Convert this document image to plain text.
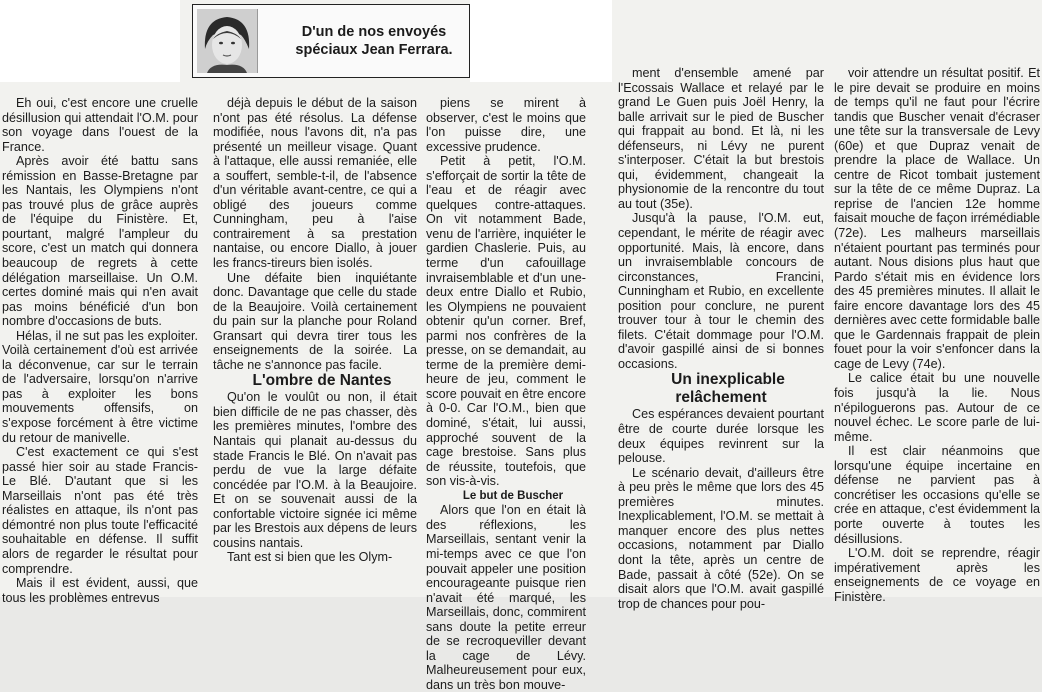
D'un de nos envoyés spéciaux Jean Ferrara.

Eh oui, c'est encore une cruelle désillusion qui attendait l'O.M. pour son voyage dans l'ouest de la France.

Après avoir été battu sans rémission en Basse-Bretagne par les Nantais, les Olympiens n'ont pas trouvé plus de grâce auprès de l'équipe du Finistère. Et, pourtant, malgré l'ampleur du score, c'est un match qui donnera beaucoup de regrets à cette délégation marseillaise. Un O.M. certes dominé mais qui n'en avait pas moins bénéficié d'un bon nombre d'occasions de buts.

Hélas, il ne sut pas les exploiter. Voilà certainement d'où est arrivée la déconvenue, car sur le terrain de l'adversaire, lorsqu'on n'arrive pas à exploiter les bons mouvements offensifs, on s'expose forcément à être victime du retour de manivelle.

C'est exactement ce qui s'est passé hier soir au stade Francis-Le Blé. D'autant que si les Marseillais n'ont pas été très réalistes en attaque, ils n'ont pas démontré non plus toute l'efficacité souhaitable en défense. Il suffit alors de regarder le résultat pour comprendre.

Mais il est évident, aussi, que tous les problèmes entrevus

déjà depuis le début de la saison n'ont pas été résolus. La défense modifiée, nous l'avons dit, n'a pas présenté un meilleur visage. Quant à l'attaque, elle aussi remaniée, elle a souffert, semble-t-il, de l'absence d'un véritable avant-centre, ce qui a obligé des joueurs comme Cunningham, peu à l'aise contrairement à sa prestation nantaise, ou encore Diallo, à jouer les francs-tireurs bien isolés.

Une défaite bien inquiétante donc. Davantage que celle du stade de la Beaujoire. Voilà certainement du pain sur la planche pour Roland Gransart qui devra tirer tous les enseignements de la soirée. La tâche ne s'annonce pas facile.

L'ombre de Nantes

Qu'on le voulût ou non, il était bien difficile de ne pas chasser, dès les premières minutes, l'ombre des Nantais qui planait au-dessus du stade Francis le Blé. On n'avait pas perdu de vue la large défaite concédée par l'O.M. à la Beaujoire. Et on se souvenait aussi de la confortable victoire signée ici même par les Brestois aux dépens de leurs cousins nantais.

Tant est si bien que les Olym-

piens se mirent à observer, c'est le moins que l'on puisse dire, une excessive prudence.

Petit à petit, l'O.M. s'efforçait de sortir la tête de l'eau et de réagir avec quelques contre-attaques. On vit notamment Bade, venu de l'arrière, inquiéter le gardien Chaslerie. Puis, au terme d'un cafouillage invraisemblable et d'un une-deux entre Diallo et Rubio, les Olympiens ne pouvaient obtenir qu'un corner. Bref, parmi nos confrères de la presse, on se demandait, au terme de la première demi-heure de jeu, comment le score pouvait en être encore à 0-0. Car l'O.M., bien que dominé, s'était, lui aussi, approché souvent de la cage brestoise. Sans plus de réussite, toutefois, que son vis-à-vis.

Le but de Buscher

Alors que l'on en était là des réflexions, les Marseillais, sentant venir la mi-temps avec ce que l'on pouvait appeler une position encourageante puisque rien n'avait été marqué, les Marseillais, donc, commirent sans doute la petite erreur de se recroqueviller devant la cage de Lévy. Malheureusement pour eux, dans un très bon mouve-

ment d'ensemble amené par l'Ecossais Wallace et relayé par le grand Le Guen puis Joël Henry, la balle arrivait sur le pied de Buscher qui frappait au bond. Et là, ni les défenseurs, ni Lévy ne purent s'interposer. C'était la but brestois qui, évidemment, changeait la physionomie de la rencontre du tout au tout (35e).

Jusqu'à la pause, l'O.M. eut, cependant, le mérite de réagir avec opportunité. Mais, là encore, dans un invraisemblable concours de circonstances, Francini, Cunningham et Rubio, en excellente position pour conclure, ne purent trouver tour à tour le chemin des filets. C'était dommage pour l'O.M. d'avoir gaspillé ainsi de si bonnes occasions.

Un inexplicable relâchement

Ces espérances devaient pourtant être de courte durée lorsque les deux équipes revinrent sur la pelouse.

Le scénario devait, d'ailleurs être à peu près le même que lors des 45 premières minutes. Inexplicablement, l'O.M. se mettait à manquer encore des plus nettes occasions, notamment par Diallo dont la tête, après un centre de Bade, passait à côté (52e). On se disait alors que l'O.M. avait gaspillé trop de chances pour pou-

voir attendre un résultat positif. Et le pire devait se produire en moins de temps qu'il ne faut pour l'écrire tandis que Buscher venait d'écraser une tête sur la transversale de Levy (60e) et que Dupraz venait de prendre la place de Wallace. Un centre de Ricot tombait justement sur la tête de ce même Dupraz. La reprise de l'ancien 12e homme faisait mouche de façon irrémédiable (72e). Les malheurs marseillais n'étaient pourtant pas terminés pour autant. Nous disions plus haut que Pardo s'était mis en évidence lors des 45 premières minutes. Il allait le faire encore davantage lors des 45 dernières avec cette formidable balle que le Gardennais frappait de plein fouet pour la voir s'enfoncer dans la cage de Levy (74e).

Le calice était bu une nouvelle fois jusqu'à la lie. Nous n'épiloguerons pas. Autour de ce nouvel échec. Le score parle de lui-même.

Il est clair néanmoins que lorsqu'une équipe incertaine en défense ne parvient pas à concrétiser les occasions qu'elle se crée en attaque, c'est évidemment la porte ouverte à toutes les désillusions.

L'O.M. doit se reprendre, réagir impérativement après les enseignements de ce voyage en Finistère.
